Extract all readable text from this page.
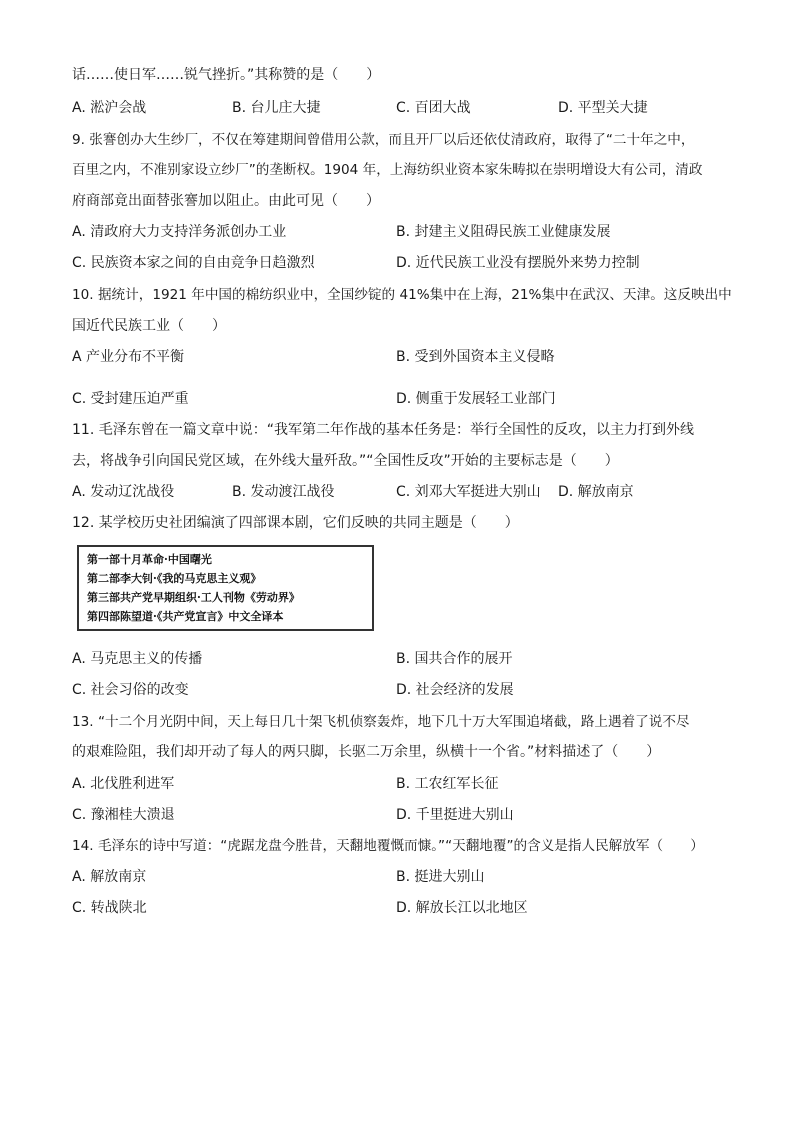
话……使日军……锐气挫折。”其称赞的是（　　）
A. 淞沪会战	B. 台儿庄大捷	C. 百团大战	D. 平型关大捷
9. 张謇创办大生纱厂，不仅在筹建期间曾借用公款，而且开厂以后还依仗清政府，取得了“二十年之中，
百里之内，不准别家设立纱厂”的垄断权。1904 年，上海纺织业资本家朱畴拟在崇明增设大有公司，清政
府商部竟出面替张謇加以阻止。由此可见（　　）
A. 清政府大力支持洋务派创办工业	B. 封建主义阻碍民族工业健康发展
C. 民族资本家之间的自由竞争日趋激烈	D. 近代民族工业没有摆脱外来势力控制
10. 据统计，1921 年中国的棉纺织业中，全国纱锭的 41%集中在上海，21%集中在武汉、天津。这反映出中
国近代民族工业（　　）
A 产业分布不平衡	B. 受到外国资本主义侵略
C. 受封建压迫严重	D. 侧重于发展轻工业部门
11. 毛泽东曾在一篇文章中说：“我军第二年作战的基本任务是：举行全国性的反攻，以主力打到外线
去，将战争引向国民党区域，在外线大量歼敌。”“全国性反攻”开始的主要标志是（　　）
A. 发动辽沈战役	B. 发动渡江战役	C. 刘邓大军挺进大别山 D. 解放南京
12. 某学校历史社团编演了四部课本剧，它们反映的共同主题是（　　）
第一部十月革命·中国曙光
第二部李大钊·《我的马克思主义观》
第三部共产党早期组织·工人刊物《劳动界》
第四部陈望道·《共产党宣言》中文全译本
A. 马克思主义的传播	B. 国共合作的展开
C. 社会习俗的改变	D. 社会经济的发展
13. “十二个月光阴中间，天上每日几十架飞机侦察轰炸，地下几十万大军围追堵截，路上遇着了说不尽
的艰难险阻，我们却开动了每人的两只脚，长驱二万余里，纵横十一个省。”材料描述了（　　）
A. 北伐胜利进军	B. 工农红军长征
C. 豫湘桂大溃退	D. 千里挺进大别山
14. 毛泽东的诗中写道：“虎踞龙盘今胜昔，天翻地覆慨而慷。”“天翻地覆”的含义是指人民解放军（　　）
A. 解放南京	B. 挺进大别山
C. 转战陕北	D. 解放长江以北地区
